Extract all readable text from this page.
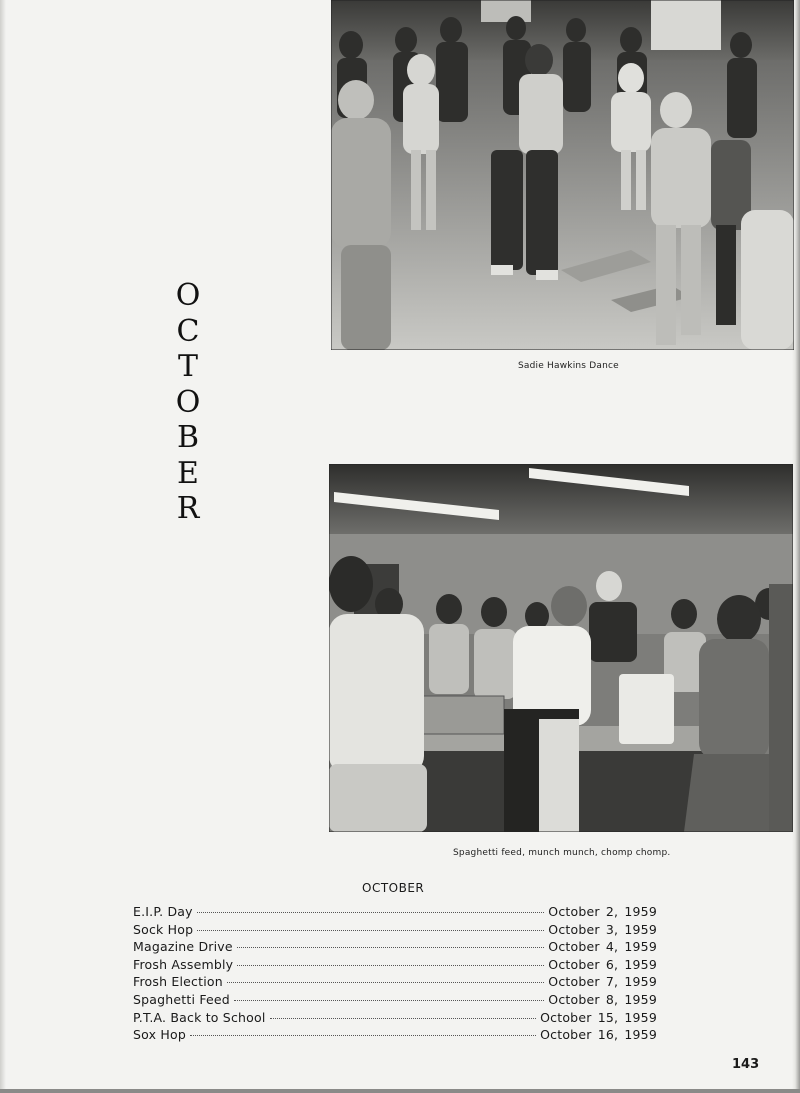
O
C
T
O
B
E
R
Sadie Hawkins Dance
Spaghetti feed, munch munch, chomp chomp.
OCTOBER
E.I.P. Day	October 2, 1959
Sock Hop	October 3, 1959
Magazine Drive	October 4, 1959
Frosh Assembly	October 6, 1959
Frosh Election	October 7, 1959
Spaghetti Feed	October 8, 1959
P.T.A. Back to School	October 15, 1959
Sox Hop	October 16, 1959
143
